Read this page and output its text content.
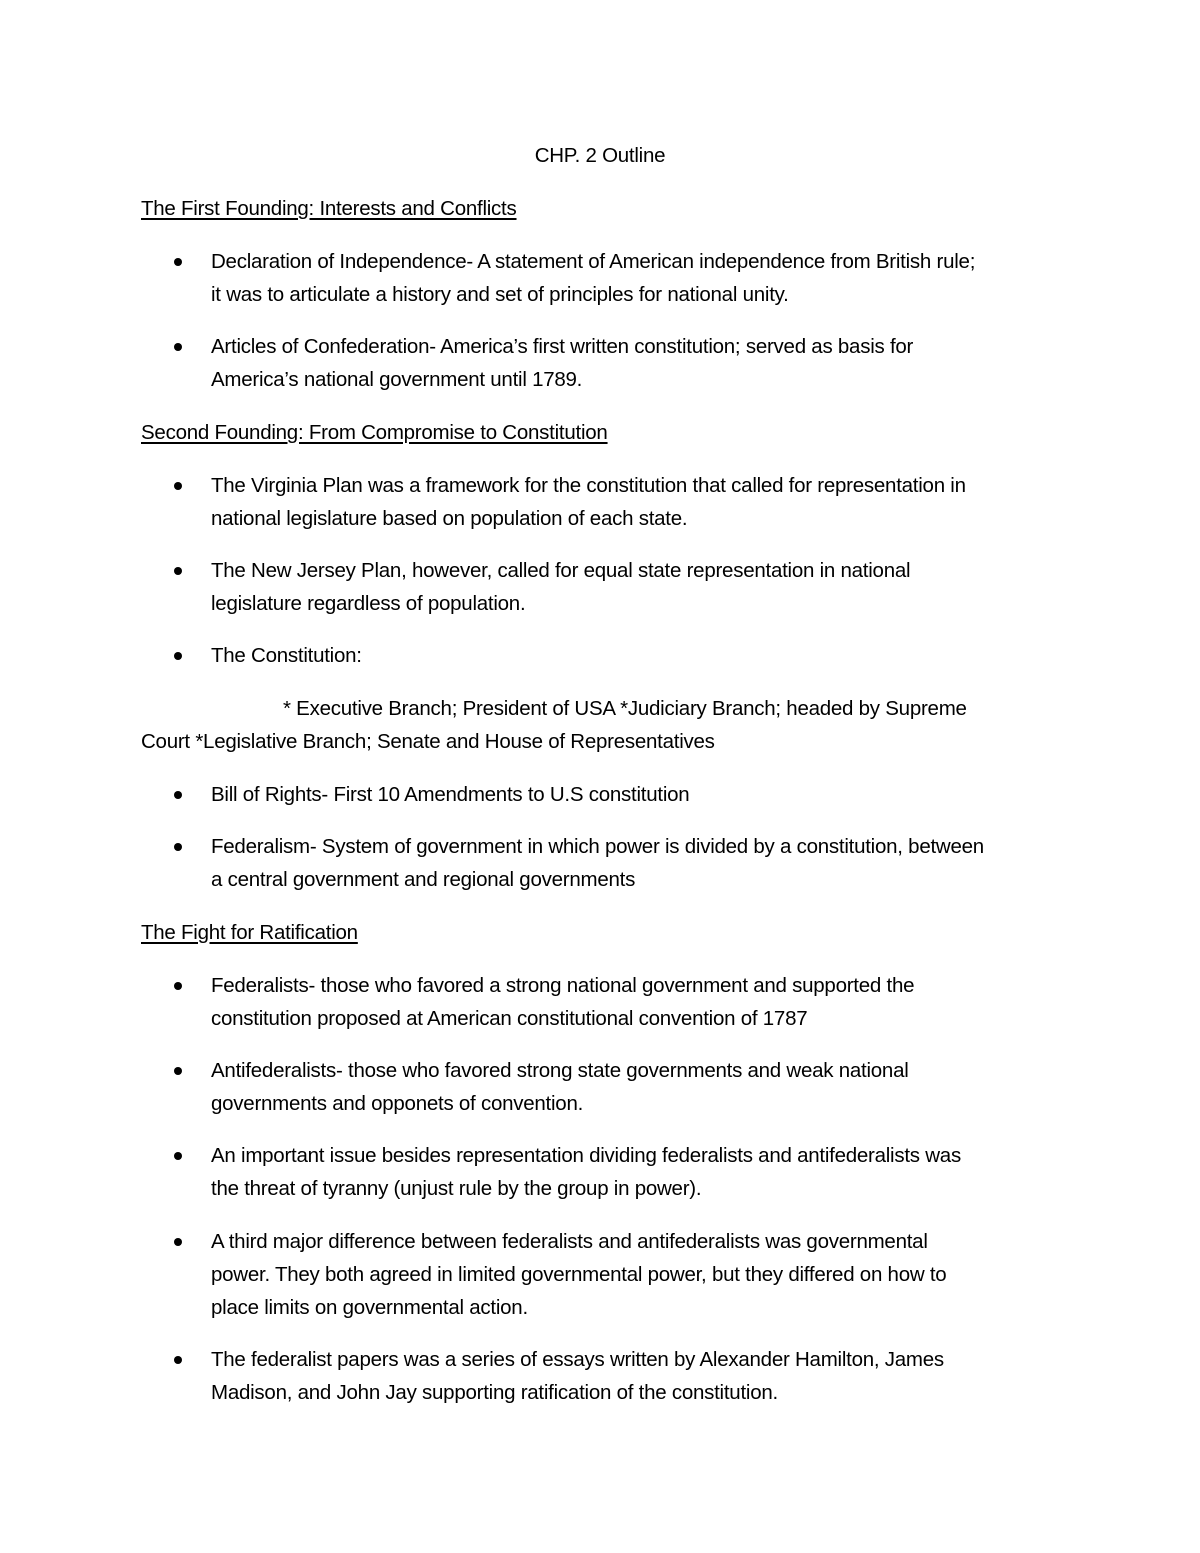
CHP. 2 Outline
The First Founding: Interests and Conflicts
Declaration of Independence- A statement of American independence from British rule;
it was to articulate a history and set of principles for national unity.
Articles of Confederation- America’s first written constitution; served as basis for
America’s national government until 1789.
Second Founding: From Compromise to Constitution
The Virginia Plan was a framework for the constitution that called for representation in
national legislature based on population of each state.
The New Jersey Plan, however, called for equal state representation in national
legislature regardless of population.
The Constitution:
* Executive Branch; President of USA *Judiciary Branch; headed by Supreme
Court *Legislative Branch; Senate and House of Representatives
Bill of Rights- First 10 Amendments to U.S constitution
Federalism- System of government in which power is divided by a constitution, between
a central government and regional governments
The Fight for Ratification
Federalists- those who favored a strong national government and supported the
constitution proposed at American constitutional convention of 1787
Antifederalists- those who favored strong state governments and weak national
governments and opponets of convention.
An important issue besides representation dividing federalists and antifederalists was
the threat of tyranny (unjust rule by the group in power).
A third major difference between federalists and antifederalists was governmental
power. They both agreed in limited governmental power, but they differed on how to
place limits on governmental action.
The federalist papers was a series of essays written by Alexander Hamilton, James
Madison, and John Jay supporting ratification of the constitution.
